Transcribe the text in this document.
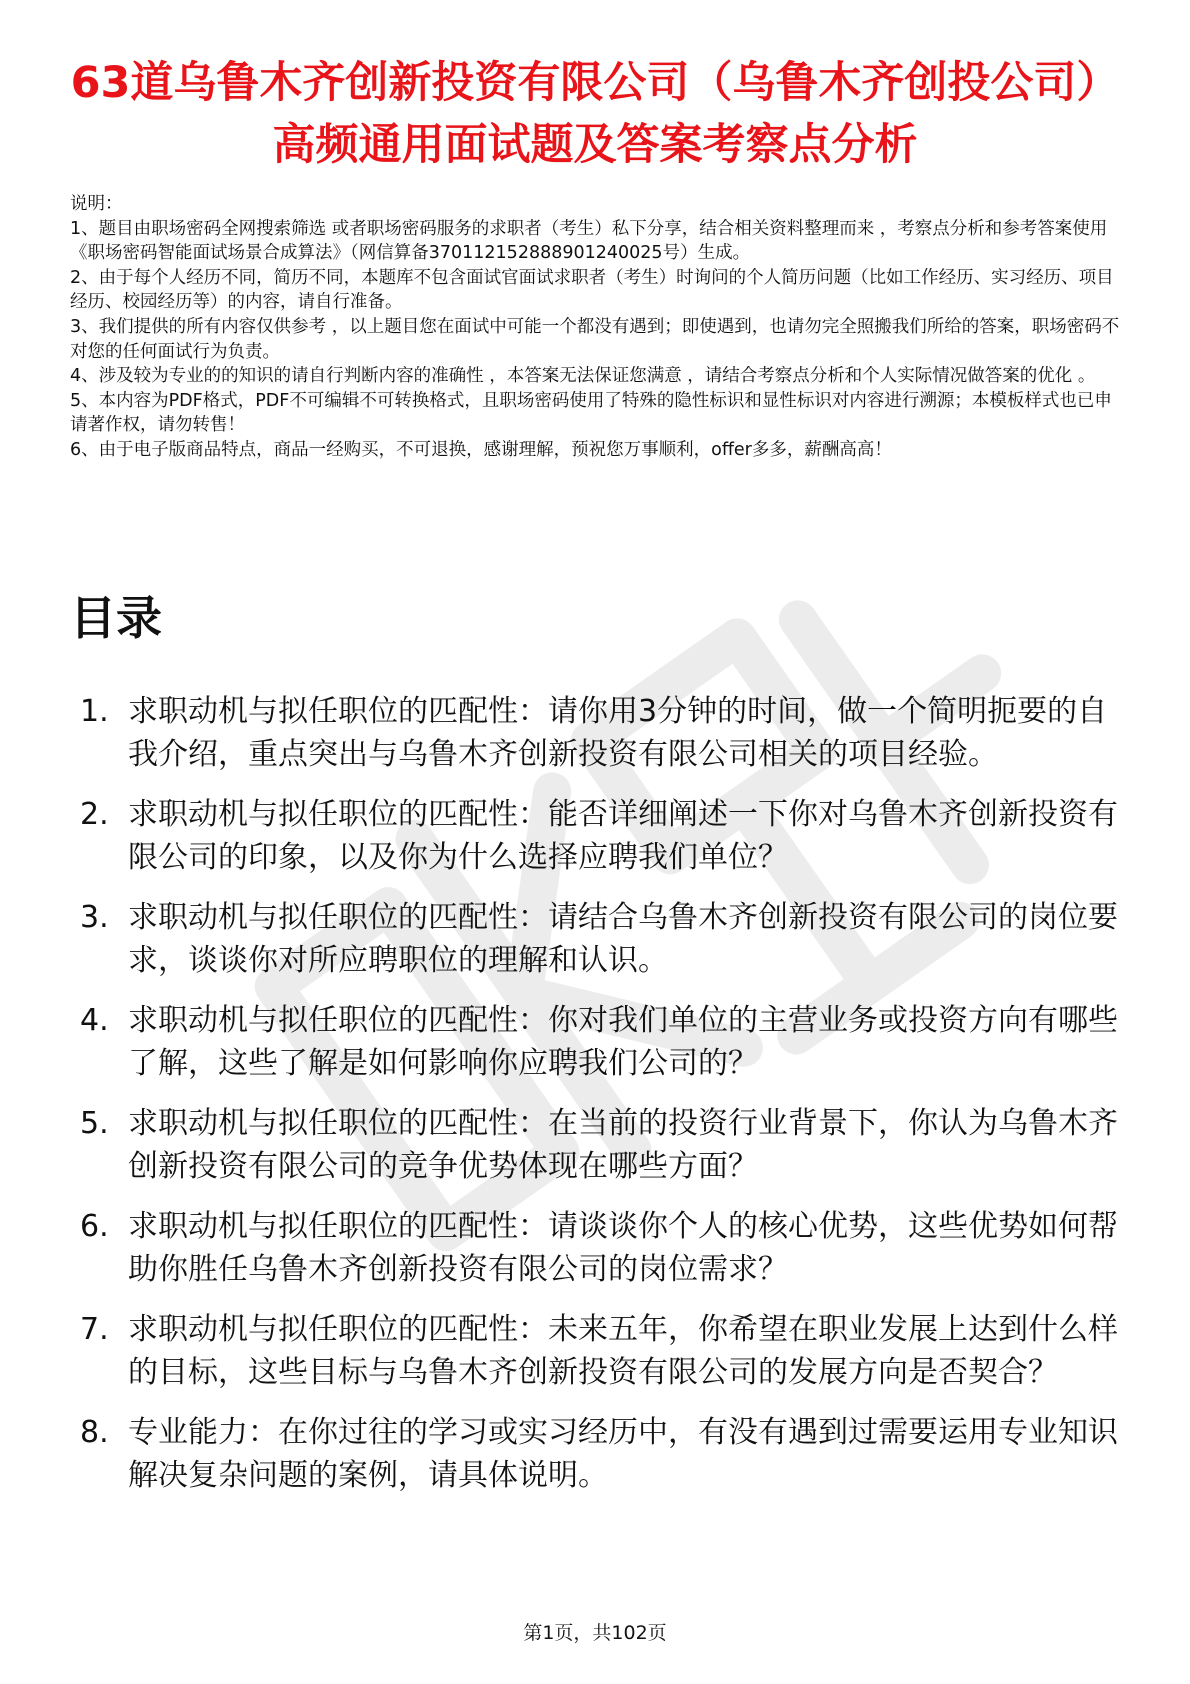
63道乌鲁木齐创新投资有限公司（乌鲁木齐创投公司）高频通用面试题及答案考察点分析

说明：

1、题目由职场密码全网搜索筛选 或者职场密码服务的求职者（考生）私下分享，结合相关资料整理而来 ，考察点分析和参考答案使用《职场密码智能面试场景合成算法》（网信算备370112152888901240025号）生成。

2、由于每个人经历不同，简历不同，本题库不包含面试官面试求职者（考生）时询问的个人简历问题（比如工作经历、实习经历、项目经历、校园经历等）的内容，请自行准备。

3、我们提供的所有内容仅供参考 ，以上题目您在面试中可能一个都没有遇到；即使遇到，也请勿完全照搬我们所给的答案，职场密码不对您的任何面试行为负责。

4、涉及较为专业的的知识的请自行判断内容的准确性 ，本答案无法保证您满意 ，请结合考察点分析和个人实际情况做答案的优化 。

5、本内容为PDF格式，PDF不可编辑不可转换格式，且职场密码使用了特殊的隐性标识和显性标识对内容进行溯源；本模板样式也已申请著作权，请勿转售！

6、由于电子版商品特点，商品一经购买，不可退换，感谢理解，预祝您万事顺利，offer多多，薪酬高高！

目录
1. 求职动机与拟任职位的匹配性：请你用3分钟的时间，做一个简明扼要的自我介绍，重点突出与乌鲁木齐创新投资有限公司相关的项目经验。
2. 求职动机与拟任职位的匹配性：能否详细阐述一下你对乌鲁木齐创新投资有限公司的印象，以及你为什么选择应聘我们单位？
3. 求职动机与拟任职位的匹配性：请结合乌鲁木齐创新投资有限公司的岗位要求，谈谈你对所应聘职位的理解和认识。
4. 求职动机与拟任职位的匹配性：你对我们单位的主营业务或投资方向有哪些了解，这些了解是如何影响你应聘我们公司的？
5. 求职动机与拟任职位的匹配性：在当前的投资行业背景下，你认为乌鲁木齐创新投资有限公司的竞争优势体现在哪些方面？
6. 求职动机与拟任职位的匹配性：请谈谈你个人的核心优势，这些优势如何帮助你胜任乌鲁木齐创新投资有限公司的岗位需求？
7. 求职动机与拟任职位的匹配性：未来五年，你希望在职业发展上达到什么样的目标，这些目标与乌鲁木齐创新投资有限公司的发展方向是否契合？
8. 专业能力：在你过往的学习或实习经历中，有没有遇到过需要运用专业知识解决复杂问题的案例，请具体说明。
第1页，共102页
